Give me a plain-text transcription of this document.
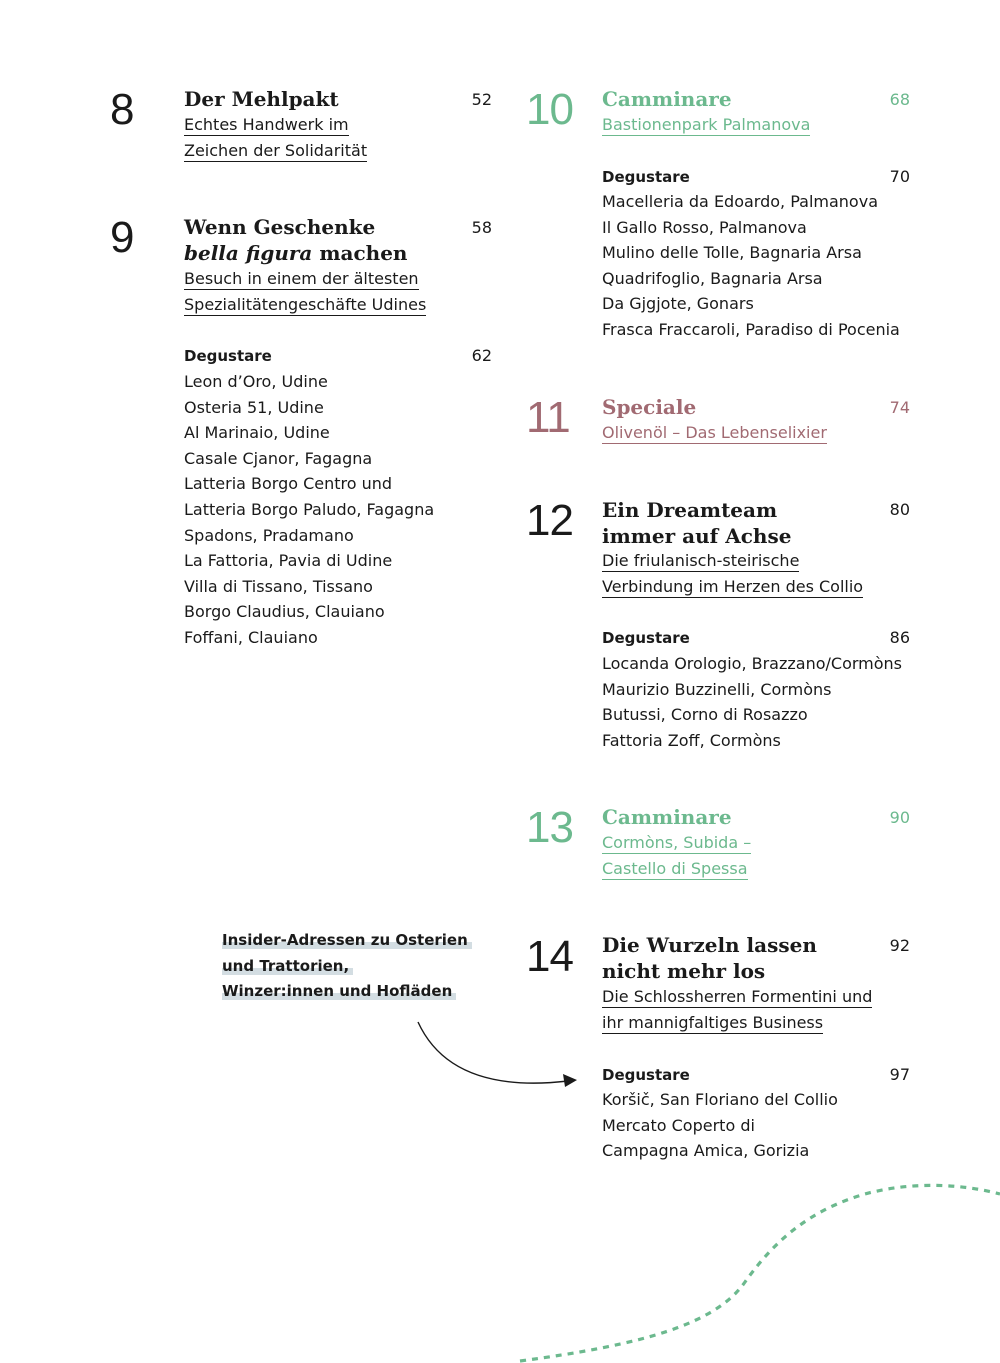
8	Der Mehlpakt	52
Echtes Handwerk im
Zeichen der Solidarität
9	Wenn Geschenke
bella figura machen
58
Besuch in einem der ältesten
Spezialitätengeschäfte Udines
Degustare	62
Leon d’Oro, Udine
Osteria 51, Udine
Al Marinaio, Udine
Casale Cjanor, Fagagna
Latteria Borgo Centro und
Latteria Borgo Paludo, Fagagna
Spadons, Pradamano
La Fattoria, Pavia di Udine
Villa di Tissano, Tissano
Borgo Claudius, Clauiano
Foffani, Clauiano
10 Camminare	68
Bastionenpark Palmanova
Degustare	70
Macelleria da Edoardo, Palmanova
Il Gallo Rosso, Palmanova
Mulino delle Tolle, Bagnaria Arsa
Quadrifoglio, Bagnaria Arsa
Da Gjgjote, Gonars
Frasca Fraccaroli, Paradiso di Pocenia
11 Speciale	74
Olivenöl – Das Lebenselixier
12 Ein Dreamteam
immer auf Achse
80
Die friulanisch-steirische
Verbindung im Herzen des Collio
Degustare	86
Locanda Orologio, Brazzano/Cormòns
Maurizio Buzzinelli, Cormòns
Butussi, Corno di Rosazzo
Fattoria Zoff, Cormòns
13 Camminare	90
Cormòns, Subida –
Castello di Spessa
14 Die Wurzeln lassen
nicht mehr los
92
Die Schlossherren Formentini und
ihr mannigfaltiges Business
Degustare	97
Koršič, San Floriano del Collio
Mercato Coperto di
Campagna Amica, Gorizia
Insider-Adressen zu Osterien
und Trattorien,
Winzer:innen und Hofläden
